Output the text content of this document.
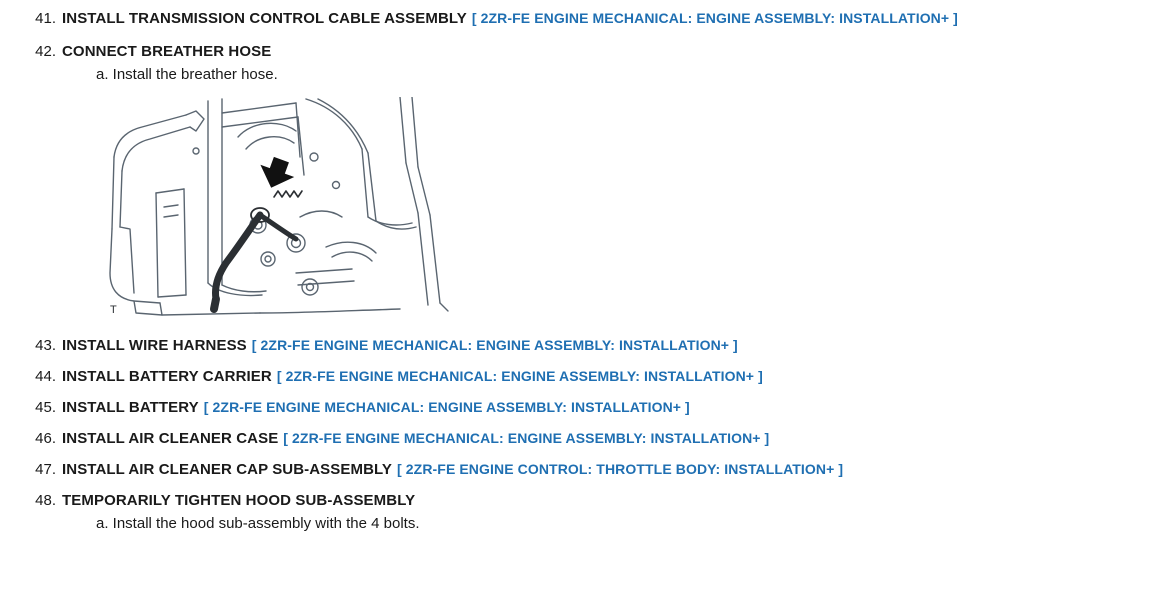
41. INSTALL TRANSMISSION CONTROL CABLE ASSEMBLY [ 2ZR-FE ENGINE MECHANICAL: ENGINE ASSEMBLY: INSTALLATION+ ]
42. CONNECT BREATHER HOSE
a. Install the breather hose.
T
43. INSTALL WIRE HARNESS [ 2ZR-FE ENGINE MECHANICAL: ENGINE ASSEMBLY: INSTALLATION+ ]
44. INSTALL BATTERY CARRIER [ 2ZR-FE ENGINE MECHANICAL: ENGINE ASSEMBLY: INSTALLATION+ ]
45. INSTALL BATTERY [ 2ZR-FE ENGINE MECHANICAL: ENGINE ASSEMBLY: INSTALLATION+ ]
46. INSTALL AIR CLEANER CASE [ 2ZR-FE ENGINE MECHANICAL: ENGINE ASSEMBLY: INSTALLATION+ ]
47. INSTALL AIR CLEANER CAP SUB-ASSEMBLY [ 2ZR-FE ENGINE CONTROL: THROTTLE BODY: INSTALLATION+ ]
48. TEMPORARILY TIGHTEN HOOD SUB-ASSEMBLY
a. Install the hood sub-assembly with the 4 bolts.
